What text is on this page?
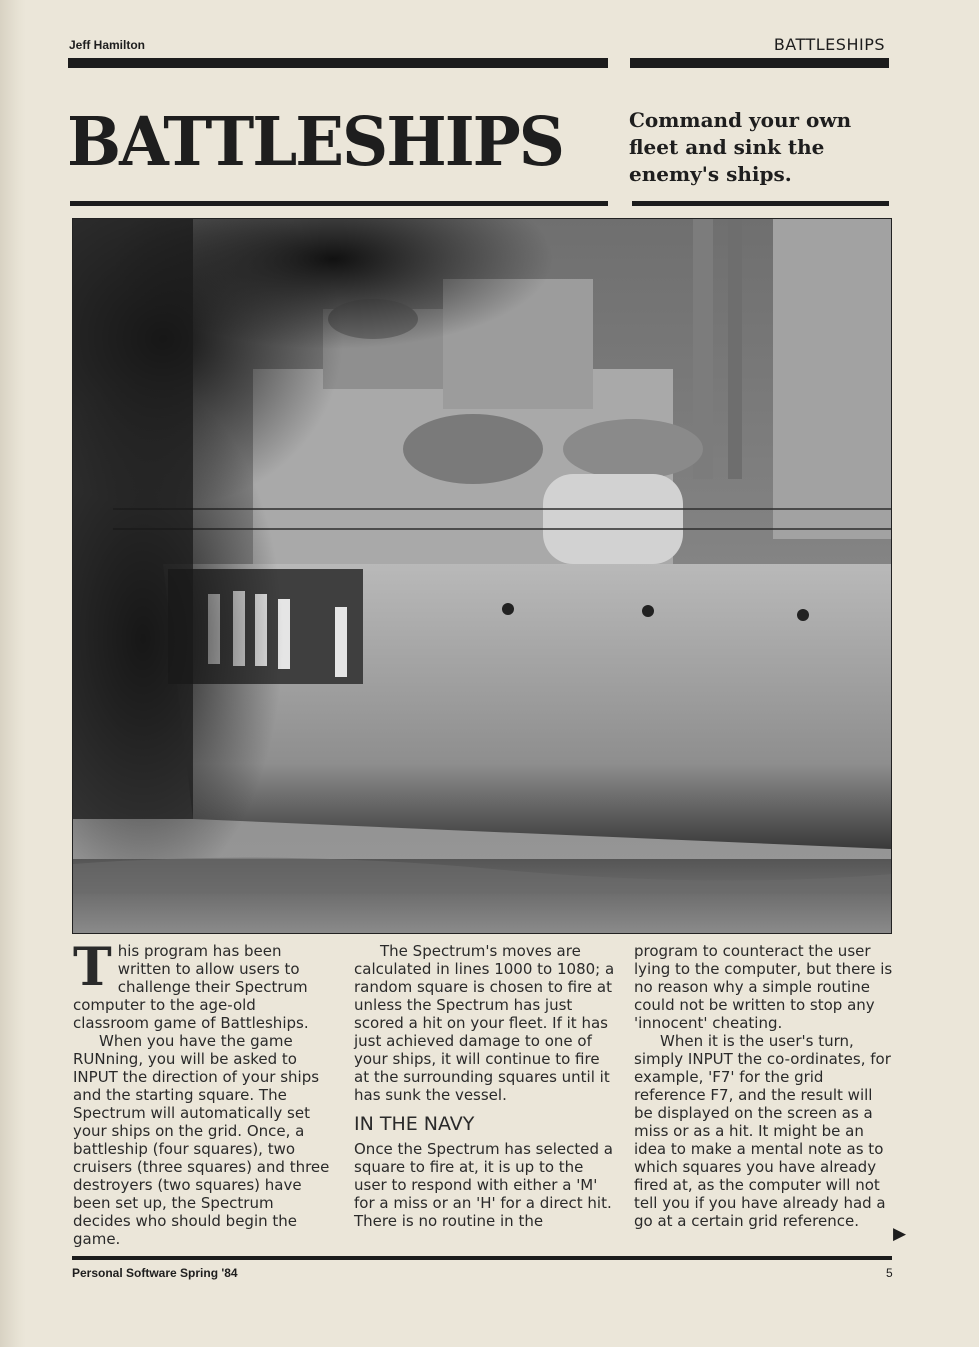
Jeff Hamilton	BATTLESHIPS
BATTLESHIPS	Command your own fleet and sink the enemy's ships.
T his program has been written to allow users to challenge their Spectrum computer to the age-old classroom game of Battleships.

When you have the game RUNning, you will be asked to INPUT the direction of your ships and the starting square. The Spectrum will automatically set your ships on the grid. Once, a battleship (four squares), two cruisers (three squares) and three destroyers (two squares) have been set up, the Spectrum decides who should begin the game.

The Spectrum's moves are calculated in lines 1000 to 1080; a random square is chosen to fire at unless the Spectrum has just scored a hit on your fleet. If it has just achieved damage to one of your ships, it will continue to fire at the surrounding squares until it has sunk the vessel.

IN THE NAVY

Once the Spectrum has selected a square to fire at, it is up to the user to respond with either a 'M' for a miss or an 'H' for a direct hit. There is no routine in the

program to counteract the user lying to the computer, but there is no reason why a simple routine could not be written to stop any 'innocent' cheating.

When it is the user's turn, simply INPUT the co-ordinates, for example, 'F7' for the grid reference F7, and the result will be displayed on the screen as a miss or as a hit. It might be an idea to make a mental note as to which squares you have already fired at, as the computer will not tell you if you have already had a go at a certain grid reference.

▶
Personal Software Spring '84	5
